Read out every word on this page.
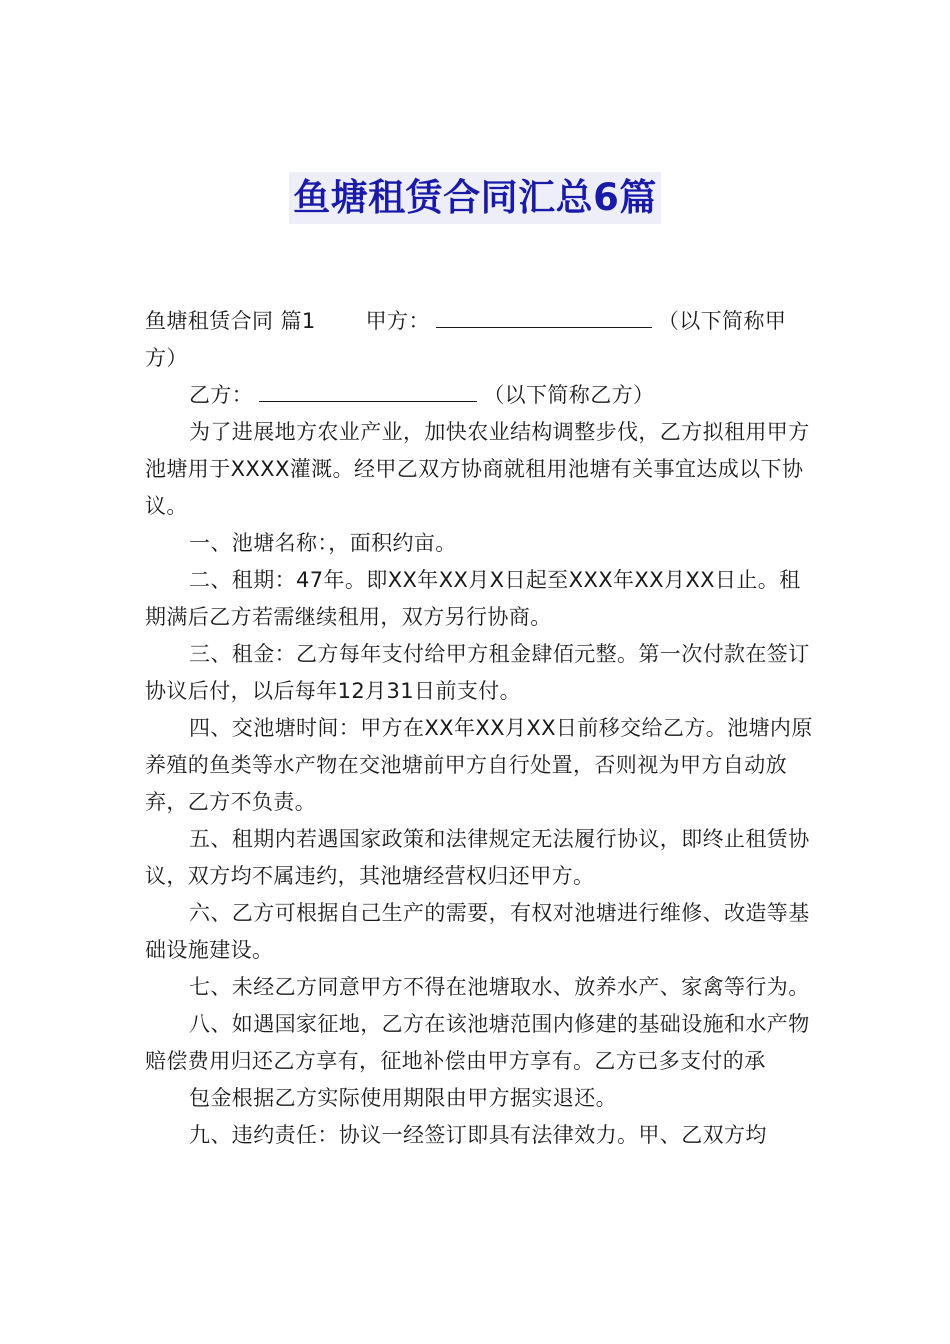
鱼塘租赁合同汇总6篇

鱼塘租赁合同 篇1 甲方：	（以下简称甲方）

乙方：	（以下简称乙方）

为了进展地方农业产业，加快农业结构调整步伐，乙方拟租用甲方池塘用于XXXX灌溉。经甲乙双方协商就租用池塘有关事宜达成以下协议。

一、池塘名称：，面积约亩。

二、租期：47年。即XX年XX月X日起至XXX年XX月XX日止。租期满后乙方若需继续租用，双方另行协商。

三、租金：乙方每年支付给甲方租金肆佰元整。第一次付款在签订协议后付，以后每年12月31日前支付。

四、交池塘时间：甲方在XX年XX月XX日前移交给乙方。池塘内原养殖的鱼类等水产物在交池塘前甲方自行处置，否则视为甲方自动放弃，乙方不负责。

五、租期内若遇国家政策和法律规定无法履行协议，即终止租赁协议，双方均不属违约，其池塘经营权归还甲方。

六、乙方可根据自己生产的需要，有权对池塘进行维修、改造等基础设施建设。

七、未经乙方同意甲方不得在池塘取水、放养水产、家禽等行为。

八、如遇国家征地，乙方在该池塘范围内修建的基础设施和水产物赔偿费用归还乙方享有，征地补偿由甲方享有。乙方已多支付的承

包金根据乙方实际使用期限由甲方据实退还。

九、违约责任：协议一经签订即具有法律效力。甲、乙双方均
